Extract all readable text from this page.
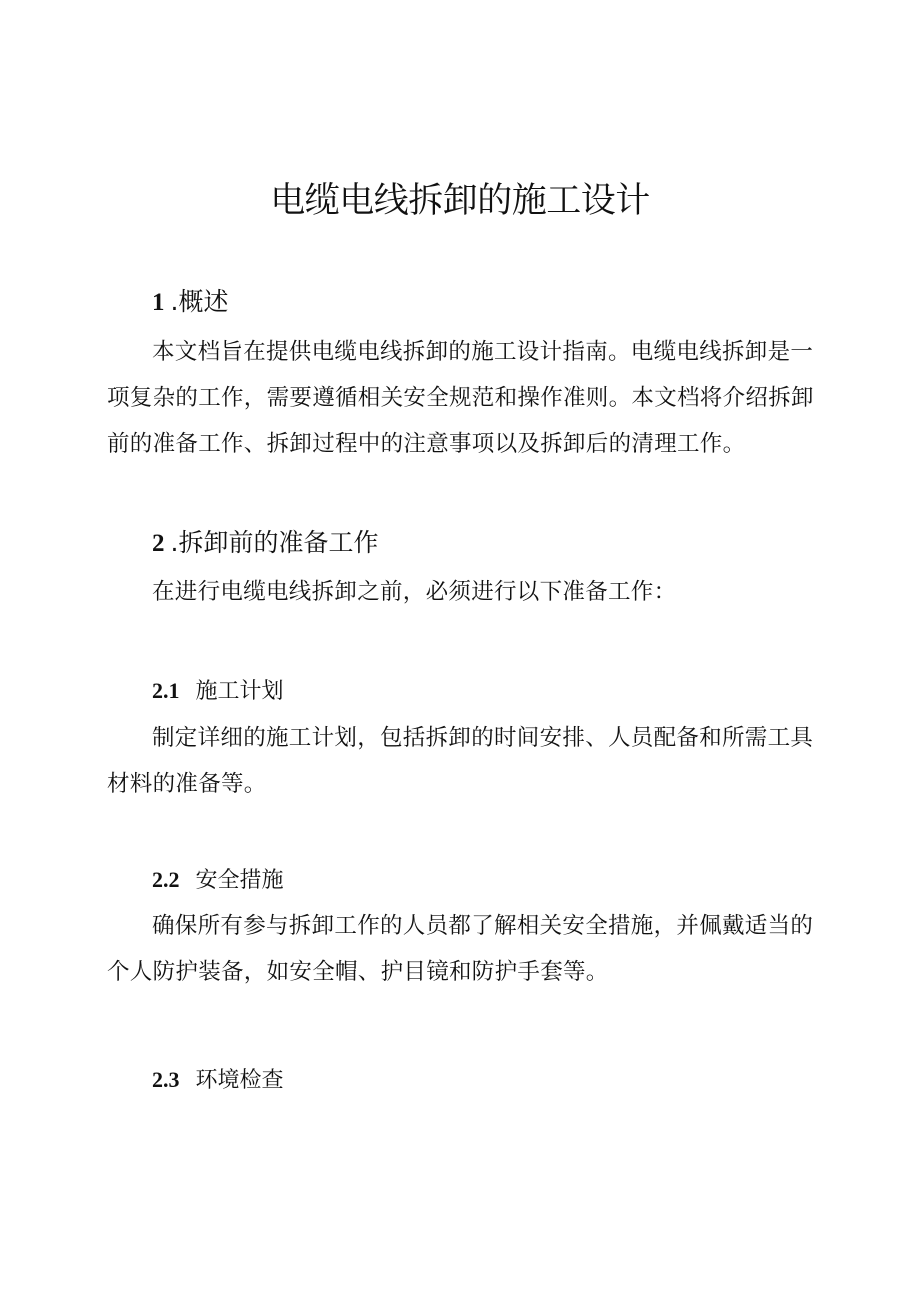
电缆电线拆卸的施工设计
1 .概述

本文档旨在提供电缆电线拆卸的施工设计指南。电缆电线拆卸是一项复杂的工作，需要遵循相关安全规范和操作准则。本文档将介绍拆卸前的准备工作、拆卸过程中的注意事项以及拆卸后的清理工作。

2 .拆卸前的准备工作

在进行电缆电线拆卸之前，必须进行以下准备工作：

2.1 施工计划

制定详细的施工计划，包括拆卸的时间安排、人员配备和所需工具材料的准备等。

2.2 安全措施

确保所有参与拆卸工作的人员都了解相关安全措施，并佩戴适当的个人防护装备，如安全帽、护目镜和防护手套等。

2.3 环境检查
